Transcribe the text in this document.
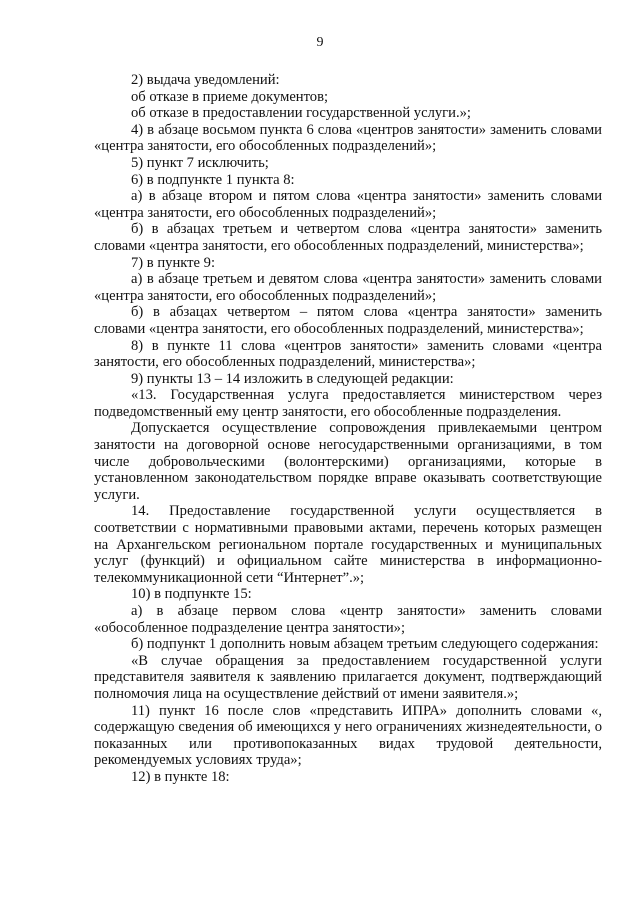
9

2) выдача уведомлений:

об отказе в приеме документов;

об отказе в предоставлении государственной услуги.»;

4) в абзаце восьмом пункта 6 слова «центров занятости» заменить словами «центра занятости, его обособленных подразделений»;

5) пункт 7 исключить;

6) в подпункте 1 пункта 8:

а) в абзаце втором и пятом слова «центра занятости» заменить словами «центра занятости, его обособленных подразделений»;

б) в абзацах третьем и четвертом слова «центра занятости» заменить словами «центра занятости, его обособленных подразделений, министерства»;

7) в пункте 9:

а) в абзаце третьем и девятом слова «центра занятости» заменить словами «центра занятости, его обособленных подразделений»;

б) в абзацах четвертом – пятом слова «центра занятости» заменить словами «центра занятости, его обособленных подразделений, министерства»;

8) в пункте 11 слова «центров занятости» заменить словами «центра занятости, его обособленных подразделений, министерства»;

9) пункты 13 – 14 изложить в следующей редакции:

«13. Государственная услуга предоставляется министерством через подведомственный ему центр занятости, его обособленные подразделения.

Допускается осуществление сопровождения привлекаемыми центром занятости на договорной основе негосударственными организациями, в том числе добровольческими (волонтерскими) организациями, которые в установленном законодательством порядке вправе оказывать соответствующие услуги.

14. Предоставление государственной услуги осуществляется в соответствии с нормативными правовыми актами, перечень которых размещен на Архангельском региональном портале государственных и муниципальных услуг (функций) и официальном сайте министерства в информационно-телекоммуникационной сети “Интернет”.»;

10) в подпункте 15:

а) в абзаце первом слова «центр занятости» заменить словами «обособленное подразделение центра занятости»;

б) подпункт 1 дополнить новым абзацем третьим следующего содержания:

«В случае обращения за предоставлением государственной услуги представителя заявителя к заявлению прилагается документ, подтверждающий полномочия лица на осуществление действий от имени заявителя.»;

11) пункт 16 после слов «представить ИПРА» дополнить словами «, содержащую сведения об имеющихся у него ограничениях жизнедеятельности, о показанных или противопоказанных видах трудовой деятельности, рекомендуемых условиях труда»;

12) в пункте 18:
